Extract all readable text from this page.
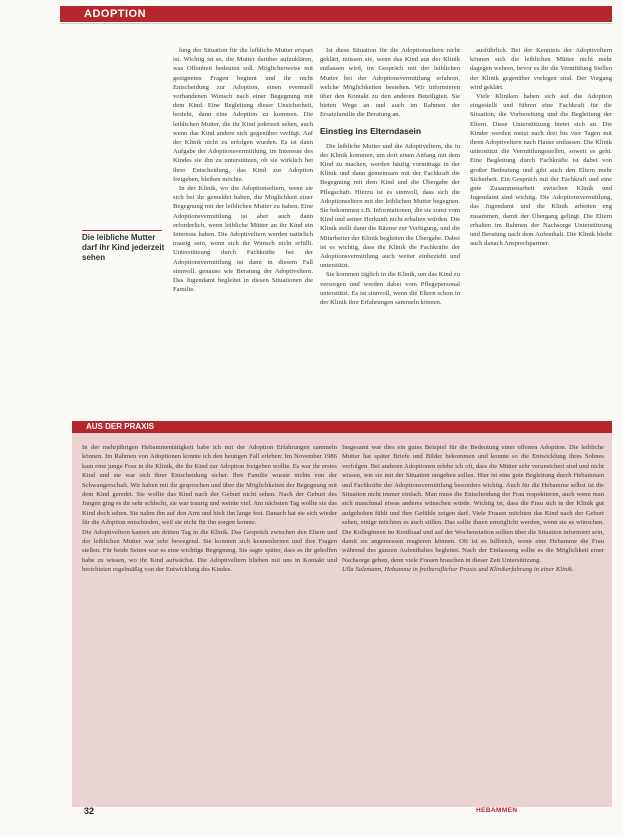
ADOPTION
Die leibliche Mutter darf ihr Kind jederzeit sehen

lung der Situation für die leibliche Mutter erspart ist. Wichtig ist es, die Mutter darüber aufzuklären, was Offenheit bedeuten soll. Möglicherweise mit geeigneten Fragen beginnt und ihr nicht Entscheidung zur Adoption, einen eventuell vorhandenen Wunsch nach einer Begegnung mit dem Kind. Eine Begleitung dieser Unsicherheit, besteht, dann eine Adoption zu kommen. Die leiblichen Mutter, die ihr Kind jederzeit sehen, auch wenn das Kind andere sich gegenüber verfügt. Auf der Klinik nicht zu erfolgen wurden. Es ist dann Aufgabe der Adoptionsvermittlung, im Interesse des Kindes sie ihn zu unterstützen, ob sie wirklich bei ihrer Entscheidung, das Kind zur Adoption freigeben, bleiben möchte.

In der Klinik, wo die Adoptionseltern, wenn sie sich bei ihr gemeldet haben, die Möglichkeit einer Begegnung mit der leiblichen Mutter zu haben. Eine Adoptionsvermittlung ist aber auch dann erforderlich, wenn leibliche Mütter an ihr Kind ein Interesse haben. Die Adoptiveltern werden natürlich traurig sein, wenn sich ihr Wunsch nicht erfüllt. Unterstützung durch Fachkräfte bei der Adoptionsvermittlung ist dann in diesem Fall sinnvoll, genauso wie Beratung der Adoptiveltern. Das Jugendamt begleitet in diesen Situationen die Familie.

Ist diese Situation für die Adoptionseltern nicht geklärt, müssen sie, wenn das Kind aus der Klinik entlassen wird, im Gespräch mit der leiblichen Mutter bei der Adoptionsvermittlung erfahren, welche Möglichkeiten bestehen. Wir informieren über den Kontakt zu den anderen Beteiligten. Sie bieten Wege an und auch im Rahmen der Ersatzfamilie die Beratung an.

Einstieg ins Elterndasein

Die leibliche Mutter und die Adoptiveltern, die in der Klinik kommen, um dort einen Anfang mit dem Kind zu machen, werden häufig vormittags in der Klinik und dann gemeinsam mit der Fachkraft die Begegnung mit dem Kind und die Übergabe der Pflegschaft. Hierzu ist es sinnvoll, dass sich die Adoptionseltern mit der leiblichen Mutter begegnen. Sie bekommen z.B. Informationen, die sie sonst vom Kind und seiner Herkunft nicht erhalten würden. Die Klinik stellt dann die Räume zur Verfügung, und die Mitarbeiter der Klinik begleiten die Übergabe. Dabei ist es wichtig, dass die Klinik die Fachkräfte der Adoptionsvermittlung auch weiter einbezieht und unterstützt.

Sie kommen täglich in die Klinik, um das Kind zu versorgen und werden dabei vom Pflegepersonal unterstützt. Es ist sinnvoll, wenn die Eltern schon in der Klinik ihre Erfahrungen sammeln können.

ausführlich. Bei der Kenntnis der Adoptiveltern können sich die leiblichen Mütter nicht mehr dagegen wehren, bevor es ihr die Vermittlung Stellen der Klinik gegenüber vorlegen sind. Der Vorgang wird geklärt.

Viele Kliniken haben sich auf die Adoption eingestellt und führen eine Fachkraft für die Situation, die Vorbereitung und die Begleitung der Eltern. Diese Unterstützung bietet sich an. Die Kinder werden meist nach drei bis vier Tagen mit ihren Adoptiveltern nach Hause entlassen. Die Klinik unterstützt die Vermittlungsstellen, soweit es geht. Eine Begleitung durch Fachkräfte ist dabei von großer Bedeutung und gibt auch den Eltern mehr Sicherheit. Ein Gespräch mit der Fachkraft und eine gute Zusammenarbeit zwischen Klinik und Jugendamt sind wichtig. Die Adoptionsvermittlung, das Jugendamt und die Klinik arbeiten eng zusammen, damit der Übergang gelingt. Die Eltern erhalten im Rahmen der Nachsorge Unterstützung und Beratung nach dem Aufenthalt. Die Klinik bleibt auch danach Ansprechpartner.

AUS DER PRAXIS

In der mehrjährigen Hebammentätigkeit habe ich mit der Adoption Erfahrungen sammeln können. Im Rahmen von Adoptionen konnte ich den heutigen Fall erleben: Im November 1986 kam eine junge Frau in die Klinik, die ihr Kind zur Adoption freigeben wollte. Es war ihr erstes Kind und sie war sich ihrer Entscheidung sicher. Ihre Familie wusste nichts von der Schwangerschaft. Wir haben mit ihr gesprochen und über die Möglichkeiten der Begegnung mit dem Kind geredet. Sie wollte das Kind nach der Geburt nicht sehen. Nach der Geburt des Jungen ging es ihr sehr schlecht, sie war traurig und weinte viel. Am nächsten Tag wollte sie das Kind doch sehen. Sie nahm ihn auf den Arm und hielt ihn lange fest. Danach hat sie sich wieder für die Adoption entschieden, weil sie nicht für ihn sorgen konnte.

Die Adoptiveltern kamen am dritten Tag in die Klinik. Das Gespräch zwischen den Eltern und der leiblichen Mutter war sehr bewegend. Sie konnten sich kennenlernen und ihre Fragen stellen. Für beide Seiten war es eine wichtige Begegnung. Sie sagte später, dass es ihr geholfen habe zu wissen, wo ihr Kind aufwächst. Die Adoptiveltern blieben mit uns in Kontakt und berichteten regelmäßig von der Entwicklung des Kindes.

Insgesamt war dies ein gutes Beispiel für die Bedeutung einer offenen Adoption. Die leibliche Mutter hat später Briefe und Bilder bekommen und konnte so die Entwicklung ihres Sohnes verfolgen. Bei anderen Adoptionen erlebe ich oft, dass die Mütter sehr verunsichert sind und nicht wissen, wie sie mit der Situation umgehen sollen. Hier ist eine gute Begleitung durch Hebammen und Fachkräfte der Adoptionsvermittlung besonders wichtig. Auch für die Hebamme selbst ist die Situation nicht immer einfach. Man muss die Entscheidung der Frau respektieren, auch wenn man sich manchmal etwas anderes wünschen würde. Wichtig ist, dass die Frau sich in der Klinik gut aufgehoben fühlt und ihre Gefühle zeigen darf. Viele Frauen möchten das Kind nach der Geburt sehen, einige möchten es auch stillen. Das sollte ihnen ermöglicht werden, wenn sie es wünschen. Die Kolleginnen im Kreißsaal und auf der Wochenstation sollten über die Situation informiert sein, damit sie angemessen reagieren können. Oft ist es hilfreich, wenn eine Hebamme die Frau während des ganzen Aufenthaltes begleitet. Nach der Entlassung sollte es die Möglichkeit einer Nachsorge geben, denn viele Frauen brauchen in dieser Zeit Unterstützung.

Ulla Salzmann, Hebamme in freiberuflicher Praxis und Klinikerfahrung in einer Klinik.

32	HEBAMMEN
